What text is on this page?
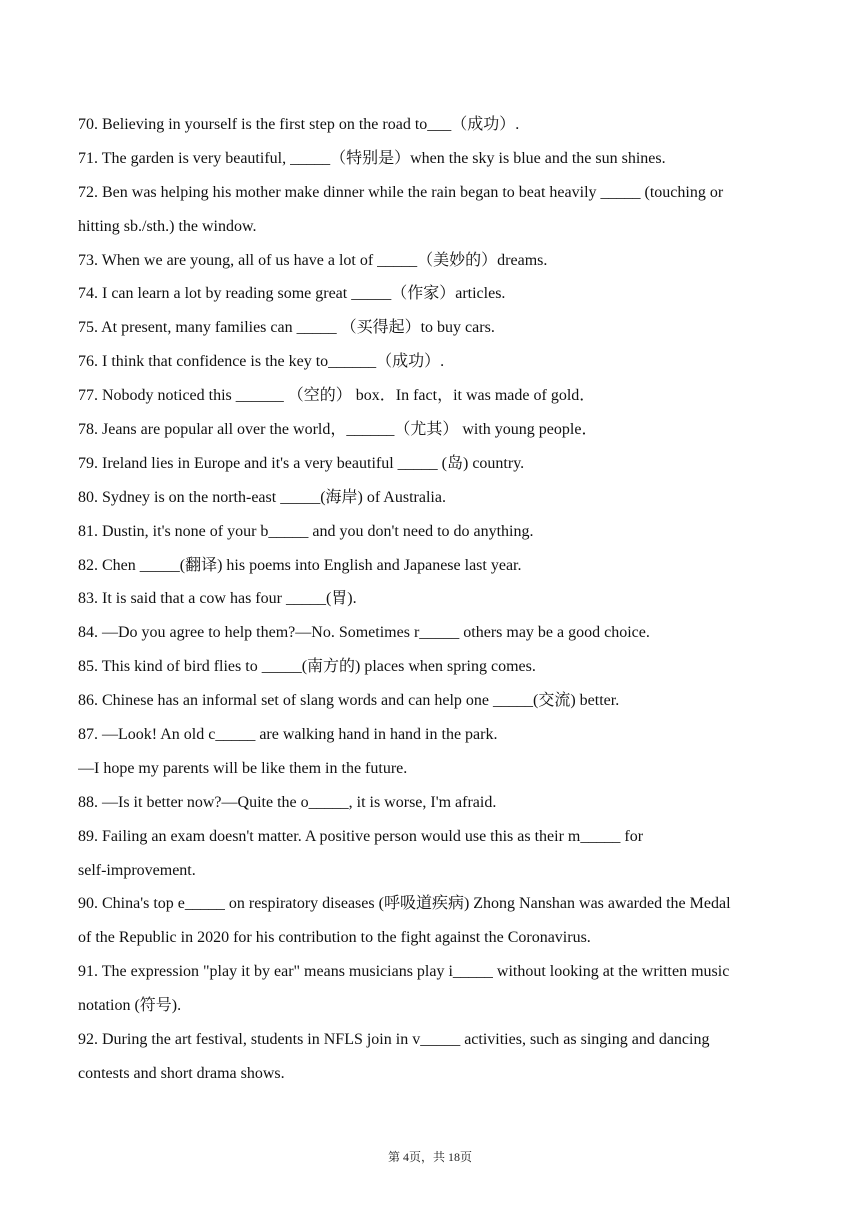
70. Believing in yourself is the first step on the road to___（成功）.
71. The garden is very beautiful, _____（特别是）when the sky is blue and the sun shines.
72. Ben was helping his mother make dinner while the rain began to beat heavily _____ (touching or
hitting sb./sth.) the window.
73. When we are young, all of us have a lot of _____（美妙的）dreams.
74. I can learn a lot by reading some great _____（作家）articles.
75. At present, many families can _____ （买得起）to buy cars.
76. I think that confidence is the key to______（成功）.
77. Nobody noticed this ______ （空的） box．In fact，it was made of gold．
78. Jeans are popular all over the world，______（尤其） with young people．
79. Ireland lies in Europe and it's a very beautiful _____ (岛) country.
80. Sydney is on the north-east _____(海岸) of Australia.
81. Dustin, it's none of your b_____ and you don't need to do anything.
82. Chen _____(翻译) his poems into English and Japanese last year.
83. It is said that a cow has four _____(胃).
84. —Do you agree to help them?—No. Sometimes r_____ others may be a good choice.
85. This kind of bird flies to _____(南方的) places when spring comes.
86. Chinese has an informal set of slang words and can help one _____(交流) better.
87. —Look! An old c_____ are walking hand in hand in the park.
—I hope my parents will be like them in the future.
88. —Is it better now?—Quite the o_____, it is worse, I'm afraid.
89. Failing an exam doesn't matter. A positive person would use this as their m_____ for
self-improvement.
90. China's top e_____ on respiratory diseases (呼吸道疾病) Zhong Nanshan was awarded the Medal
of the Republic in 2020 for his contribution to the fight against the Coronavirus.
91. The expression "play it by ear" means musicians play i_____ without looking at the written music
notation (符号).
92. During the art festival, students in NFLS join in v_____ activities, such as singing and dancing
contests and short drama shows.
第 4页，共 18页
